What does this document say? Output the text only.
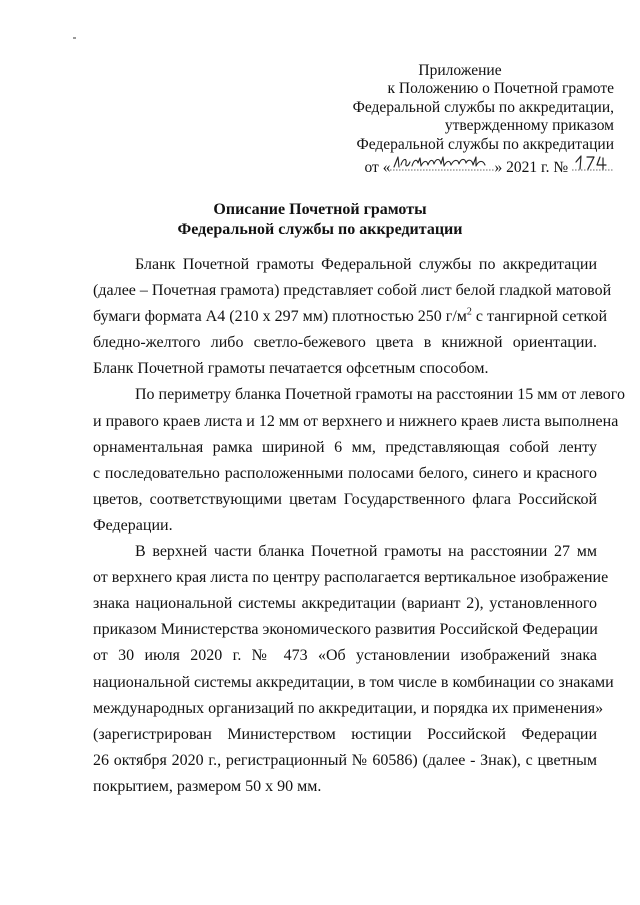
Приложение
к Положению о Почетной грамоте
Федеральной службы по аккредитации,
утвержденному приказом
Федеральной службы по аккредитации
от «	» 2021 г. №
Описание Почетной грамоты
Федеральной службы по аккредитации
Бланк Почетной грамоты Федеральной службы по аккредитации
(далее – Почетная грамота) представляет собой лист белой гладкой матовой
бумаги формата А4 (210 х 297 мм) плотностью 250 $г/м^2$ с тангирной сеткой
бледно-желтого либо светло-бежевого цвета в книжной ориентации.
Бланк Почетной грамоты печатается офсетным способом.
По периметру бланка Почетной грамоты на расстоянии 15 мм от левого
и правого краев листа и 12 мм от верхнего и нижнего краев листа выполнена
орнаментальная рамка шириной 6 мм, представляющая собой ленту
с последовательно расположенными полосами белого, синего и красного
цветов, соответствующими цветам Государственного флага Российской
Федерации.
В верхней части бланка Почетной грамоты на расстоянии 27 мм
от верхнего края листа по центру располагается вертикальное изображение
знака национальной системы аккредитации (вариант 2), установленного
приказом Министерства экономического развития Российской Федерации
от 30 июля 2020 г. № 473 «Об установлении изображений знака
национальной системы аккредитации, в том числе в комбинации со знаками
международных организаций по аккредитации, и порядка их применения»
(зарегистрирован Министерством юстиции Российской Федерации
26 октября 2020 г., регистрационный № 60586) (далее - Знак), с цветным
покрытием, размером 50 х 90 мм.
